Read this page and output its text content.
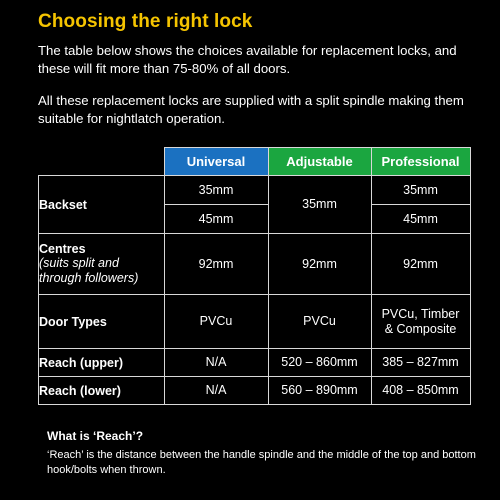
Choosing the right lock
The table below shows the choices available for replacement locks, and these will fit more than 75-80% of all doors.
All these replacement locks are supplied with a split spindle making them suitable for nightlatch operation.
	Universal	Adjustable	Professional
Backset	35mm	35mm	35mm
	45mm		45mm
Centres
(suits split and through followers)	92mm	92mm	92mm
Door Types	PVCu	PVCu	PVCu, Timber
& Composite
Reach (upper)	N/A	520 – 860mm	385 – 827mm
Reach (lower)	N/A	560 – 890mm	408 – 850mm
What is ‘Reach’?
‘Reach’ is the distance between the handle spindle and the middle of the top and bottom hook/bolts when thrown.
